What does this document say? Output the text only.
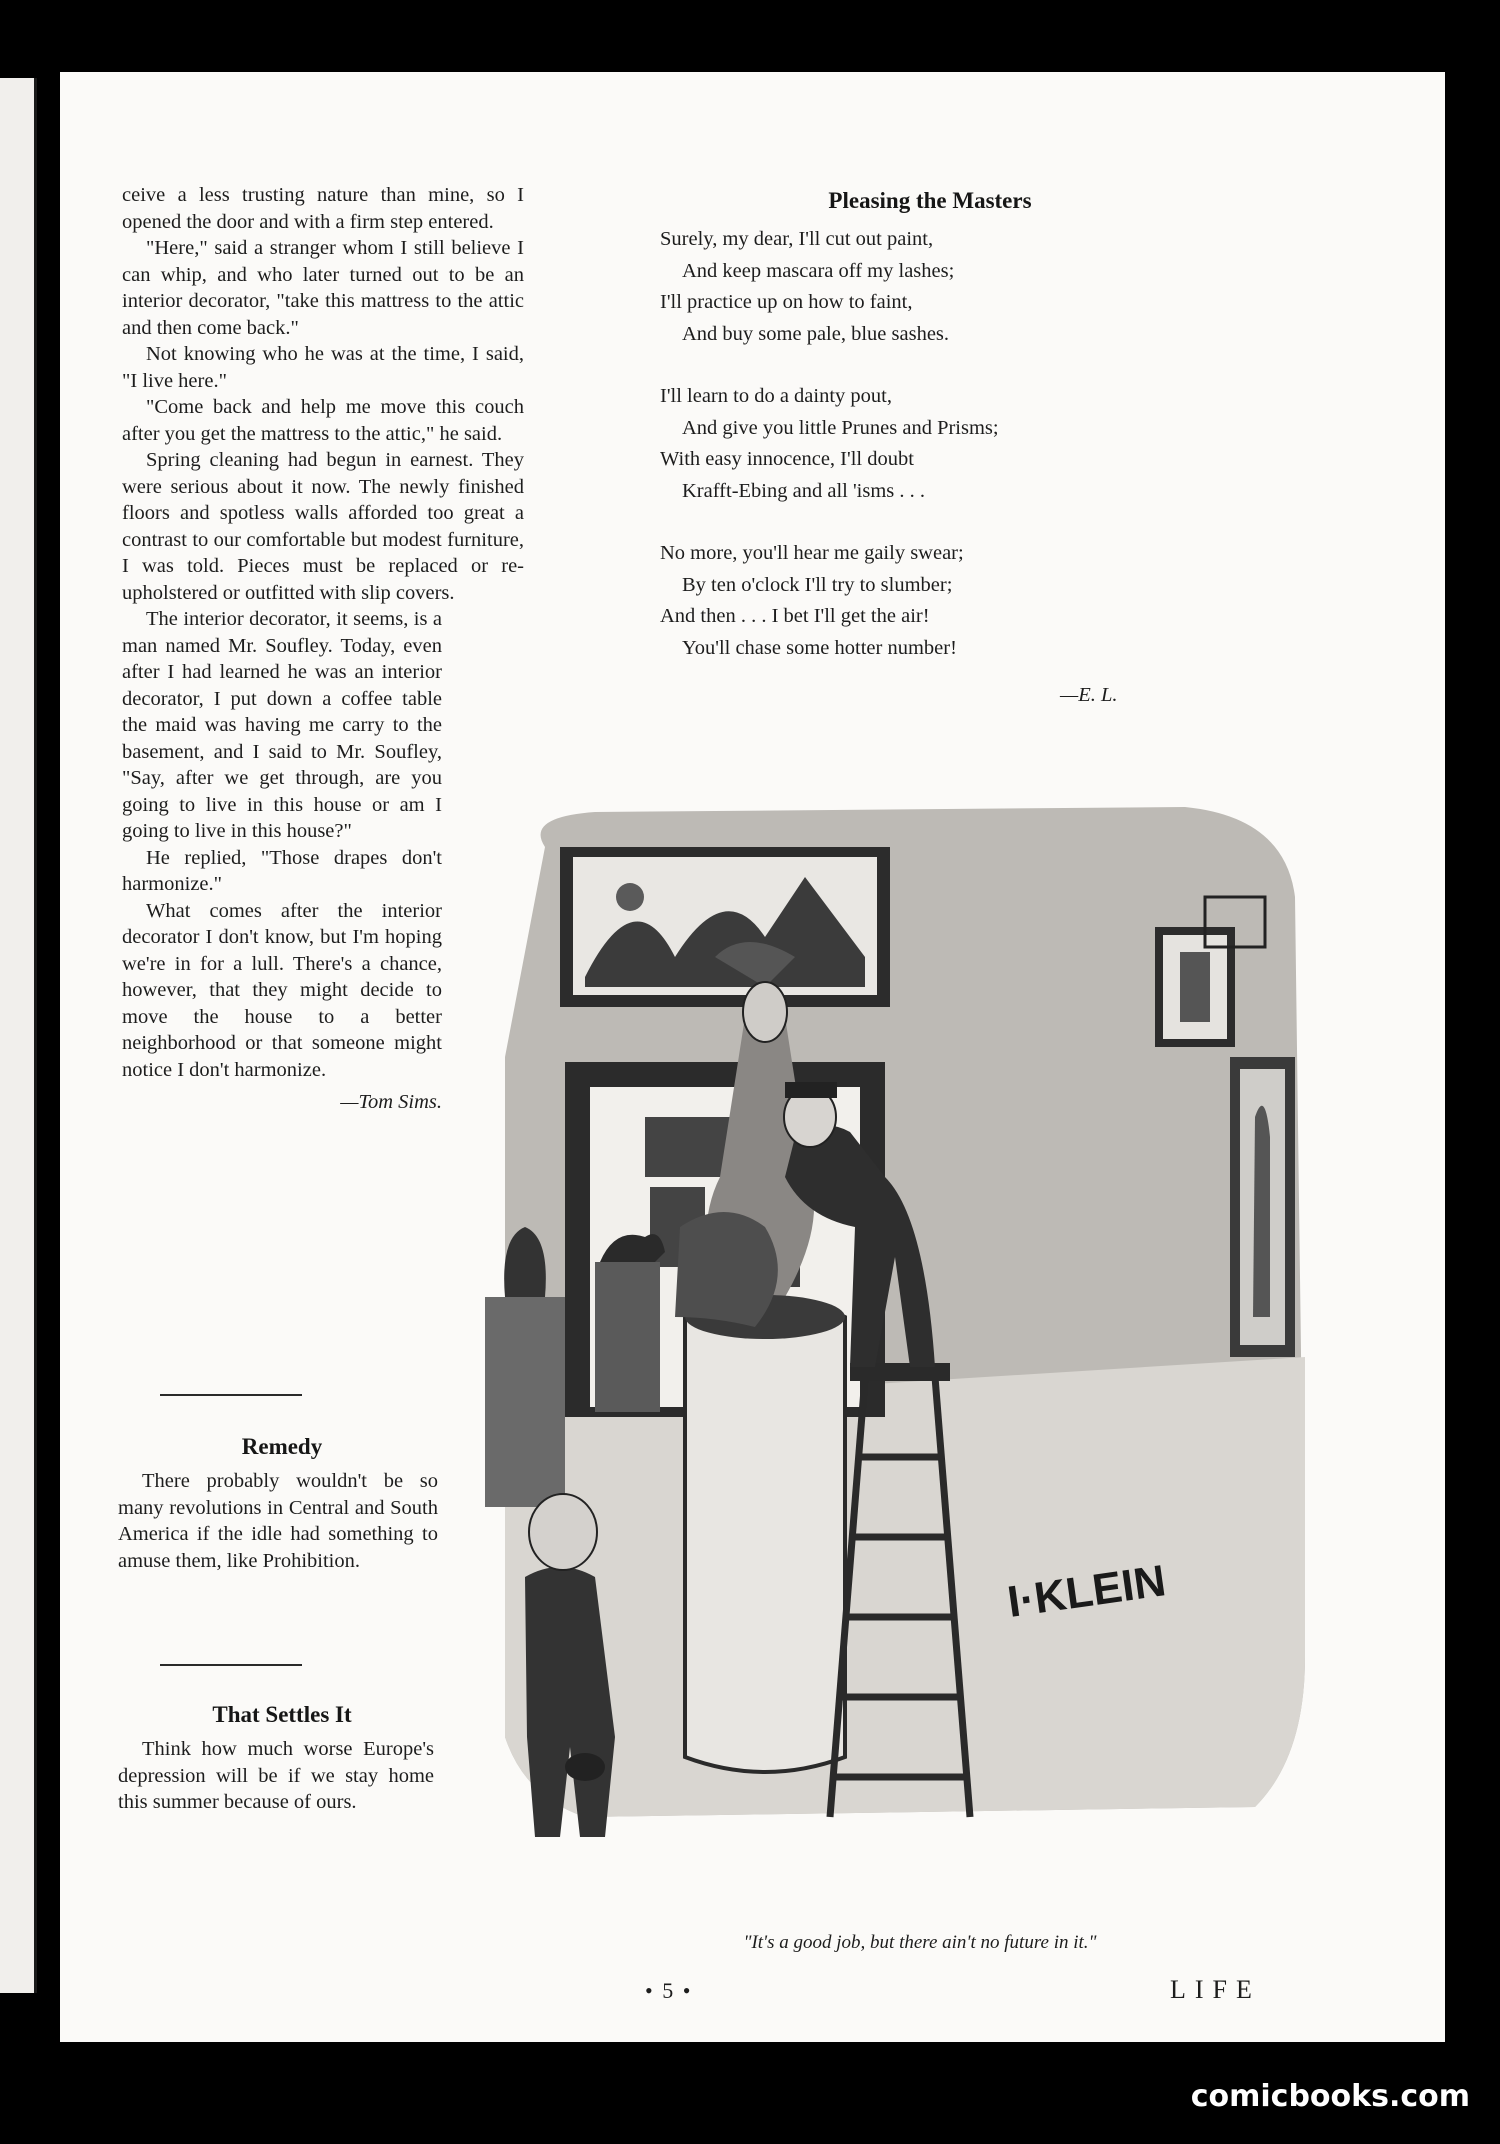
ceive a less trusting nature than mine, so I opened the door and with a firm step entered.

"Here," said a stranger whom I still believe I can whip, and who later turned out to be an interior decorator, "take this mattress to the attic and then come back."

Not knowing who he was at the time, I said, "I live here."

"Come back and help me move this couch after you get the mattress to the attic," he said.

Spring cleaning had begun in earnest. They were serious about it now. The newly finished floors and spotless walls afforded too great a contrast to our comfortable but modest furniture, I was told. Pieces must be replaced or re-upholstered or outfitted with slip covers.

The interior decorator, it seems, is a man named Mr. Soufley. Today, even after I had learned he was an interior decorator, I put down a coffee table the maid was having me carry to the basement, and I said to Mr. Soufley, "Say, after we get through, are you going to live in this house or am I going to live in this house?"

He replied, "Those drapes don't harmonize."

What comes after the interior decorator I don't know, but I'm hoping we're in for a lull. There's a chance, however, that they might decide to move the house to a better neighborhood or that someone might notice I don't harmonize.

—Tom Sims.

Remedy
There probably wouldn't be so many revolutions in Central and South America if the idle had something to amuse them, like Prohibition.
That Settles It
Think how much worse Europe's depression will be if we stay home this summer because of ours.
Pleasing the Masters
Surely, my dear, I'll cut out paint,
And keep mascara off my lashes;
I'll practice up on how to faint,
And buy some pale, blue sashes.
I'll learn to do a dainty pout,
And give you little Prunes and Prisms;
With easy innocence, I'll doubt
Krafft-Ebing and all 'isms . . .
No more, you'll hear me gaily swear;
By ten o'clock I'll try to slumber;
And then . . . I bet I'll get the air!
You'll chase some hotter number!
—E. L.
I·KLEIN
"It's a good job, but there ain't no future in it."
• 5 •	LIFE
comicbooks.com
